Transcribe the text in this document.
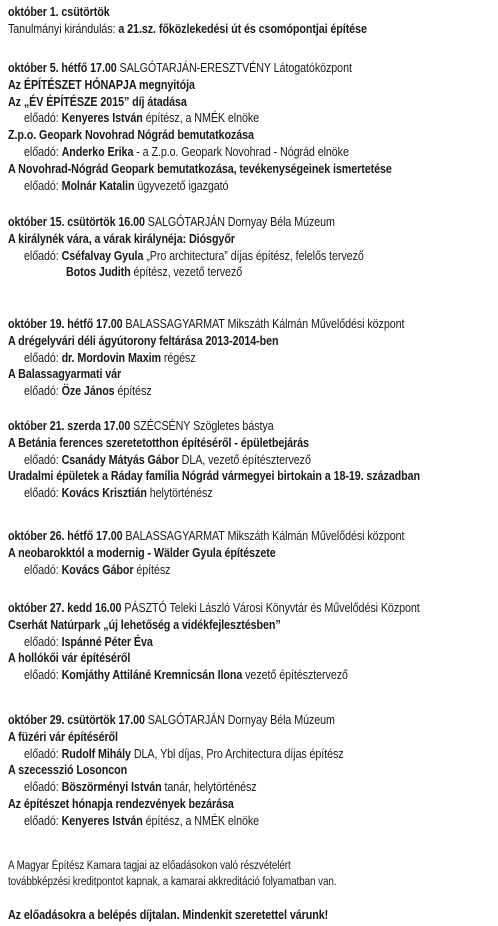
október 1. csütörtök
Tanulmányi kirándulás: a 21.sz. főközlekedési út és csomópontjai építése
október 5. hétfő 17.00 SALGÓTARJÁN-ERESZTVÉNY Látogatóközpont
Az ÉPÍTÉSZET HÓNAPJA megnyitója
Az „ÉV ÉPÍTÉSZE 2015” díj átadása
előadó: Kenyeres István építész, a NMÉK elnöke
Z.p.o. Geopark Novohrad Nógrád bemutatkozása
előadó: Anderko Erika - a Z.p.o. Geopark Novohrad - Nógrád elnöke
A Novohrad-Nógrád Geopark bemutatkozása, tevékenységeinek ismertetése
előadó: Molnár Katalin ügyvezető igazgató
október 15. csütörtök 16.00 SALGÓTARJÁN Dornyay Béla Múzeum
A királynék vára, a várak királynéja: Diósgyőr
előadó: Cséfalvay Gyula „Pro architectura” díjas építész, felelős tervező
Botos Judith építész, vezető tervező
október 19. hétfő 17.00 BALASSAGYARMAT Mikszáth Kálmán Művelődési központ
A drégelyvári déli ágyútorony feltárása 2013-2014-ben
előadó: dr. Mordovin Maxim régész
A Balassagyarmati vár
előadó: Öze János építész
október 21. szerda 17.00 SZÉCSÉNY Szögletes bástya
A Betánia ferences szeretetotthon építéséről - épületbejárás
előadó: Csanády Mátyás Gábor DLA, vezető építésztervező
Uradalmi épületek a Ráday família Nógrád vármegyei birtokain a 18-19. században
előadó: Kovács Krisztián helytörténész
október 26. hétfő 17.00 BALASSAGYARMAT Mikszáth Kálmán Művelődési központ
A neobarokktól a modernig - Wälder Gyula építészete
előadó: Kovács Gábor építész
október 27. kedd 16.00 PÁSZTÓ Teleki László Városi Könyvtár és Művelődési Központ
Cserhát Natúrpark „új lehetőség a vidékfejlesztésben”
előadó: Ispánné Péter Éva
A hollókői vár építéséről
előadó: Komjáthy Attiláné Kremnicsán Ilona vezető építésztervező
október 29. csütörtök 17.00 SALGÓTARJÁN Dornyay Béla Múzeum
A füzéri vár építéséről
előadó: Rudolf Mihály DLA, Ybl díjas, Pro Architectura díjas építész
A szecesszió Losoncon
előadó: Böszörményi István tanár, helytörténész
Az építészet hónapja rendezvények bezárása
előadó: Kenyeres István építész, a NMÉK elnöke
A Magyar Építész Kamara tagjai az előadásokon való részvételért
továbbképzési kreditpontot kapnak, a kamarai akkreditáció folyamatban van.
Az előadásokra a belépés díjtalan. Mindenkit szeretettel várunk!
